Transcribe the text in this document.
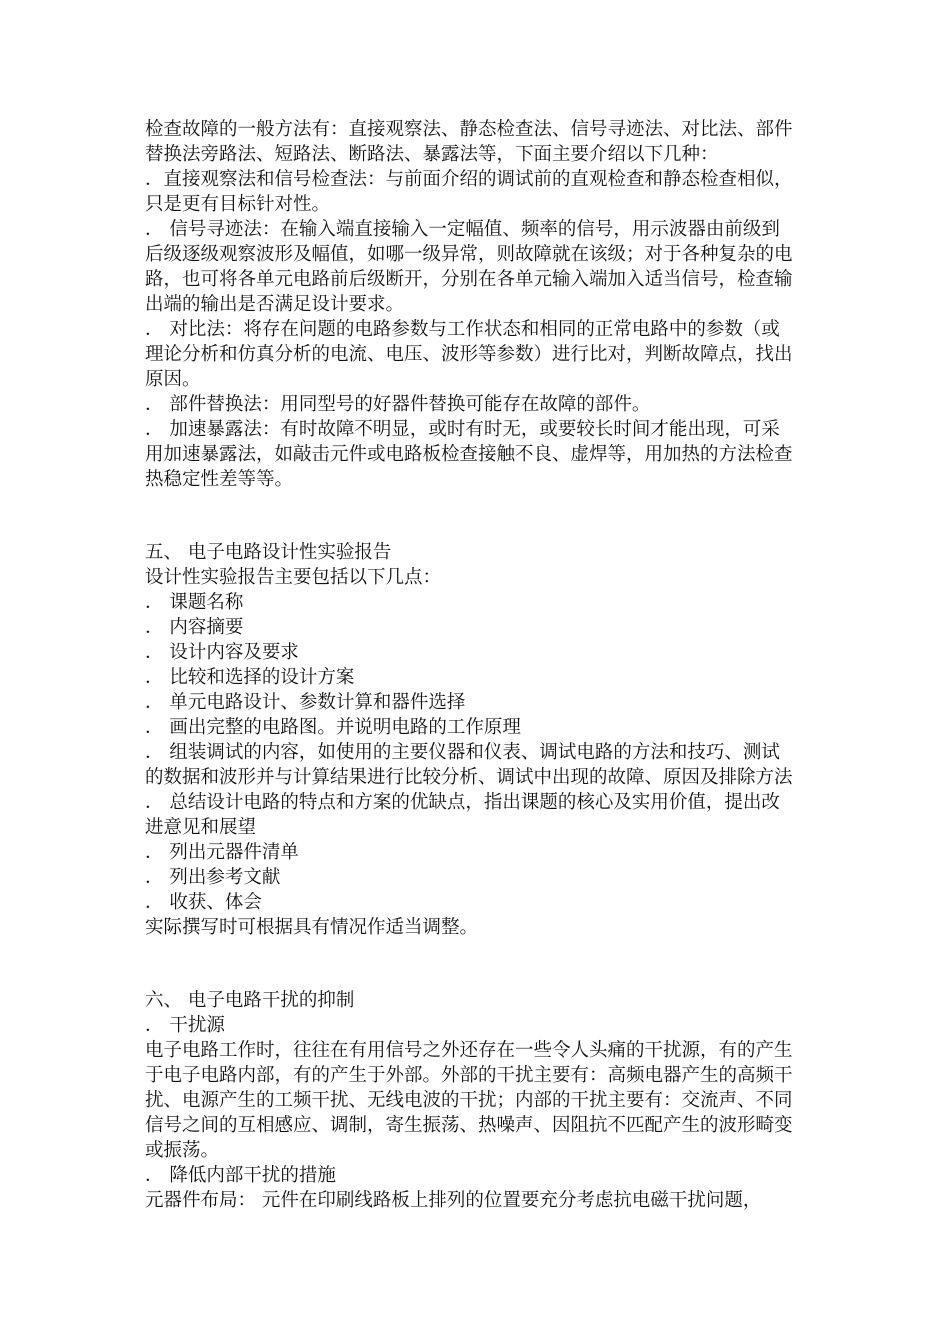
检查故障的一般方法有：直接观察法、静态检查法、信号寻迹法、对比法、部件
替换法旁路法、短路法、断路法、暴露法等，下面主要介绍以下几种：
．直接观察法和信号检查法：与前面介绍的调试前的直观检查和静态检查相似，
只是更有目标针对性。
． 信号寻迹法：在输入端直接输入一定幅值、频率的信号，用示波器由前级到
后级逐级观察波形及幅值，如哪一级异常，则故障就在该级；对于各种复杂的电
路，也可将各单元电路前后级断开，分别在各单元输入端加入适当信号，检查输
出端的输出是否满足设计要求。
． 对比法：将存在问题的电路参数与工作状态和相同的正常电路中的参数（或
理论分析和仿真分析的电流、电压、波形等参数）进行比对，判断故障点，找出
原因。
． 部件替换法：用同型号的好器件替换可能存在故障的部件。
． 加速暴露法：有时故障不明显，或时有时无，或要较长时间才能出现，可采
用加速暴露法，如敲击元件或电路板检查接触不良、虚焊等，用加热的方法检查
热稳定性差等等。
五、 电子电路设计性实验报告
设计性实验报告主要包括以下几点：
． 课题名称
． 内容摘要
． 设计内容及要求
． 比较和选择的设计方案
． 单元电路设计、参数计算和器件选择
． 画出完整的电路图。并说明电路的工作原理
． 组装调试的内容，如使用的主要仪器和仪表、调试电路的方法和技巧、测试
的数据和波形并与计算结果进行比较分析、调试中出现的故障、原因及排除方法
． 总结设计电路的特点和方案的优缺点，指出课题的核心及实用价值，提出改
进意见和展望
． 列出元器件清单
． 列出参考文献
． 收获、体会
实际撰写时可根据具有情况作适当调整。
六、 电子电路干扰的抑制
． 干扰源
电子电路工作时，往往在有用信号之外还存在一些令人头痛的干扰源，有的产生
于电子电路内部，有的产生于外部。外部的干扰主要有：高频电器产生的高频干
扰、电源产生的工频干扰、无线电波的干扰；内部的干扰主要有：交流声、不同
信号之间的互相感应、调制，寄生振荡、热噪声、因阻抗不匹配产生的波形畸变
或振荡。
． 降低内部干扰的措施
元器件布局： 元件在印刷线路板上排列的位置要充分考虑抗电磁干扰问题，
